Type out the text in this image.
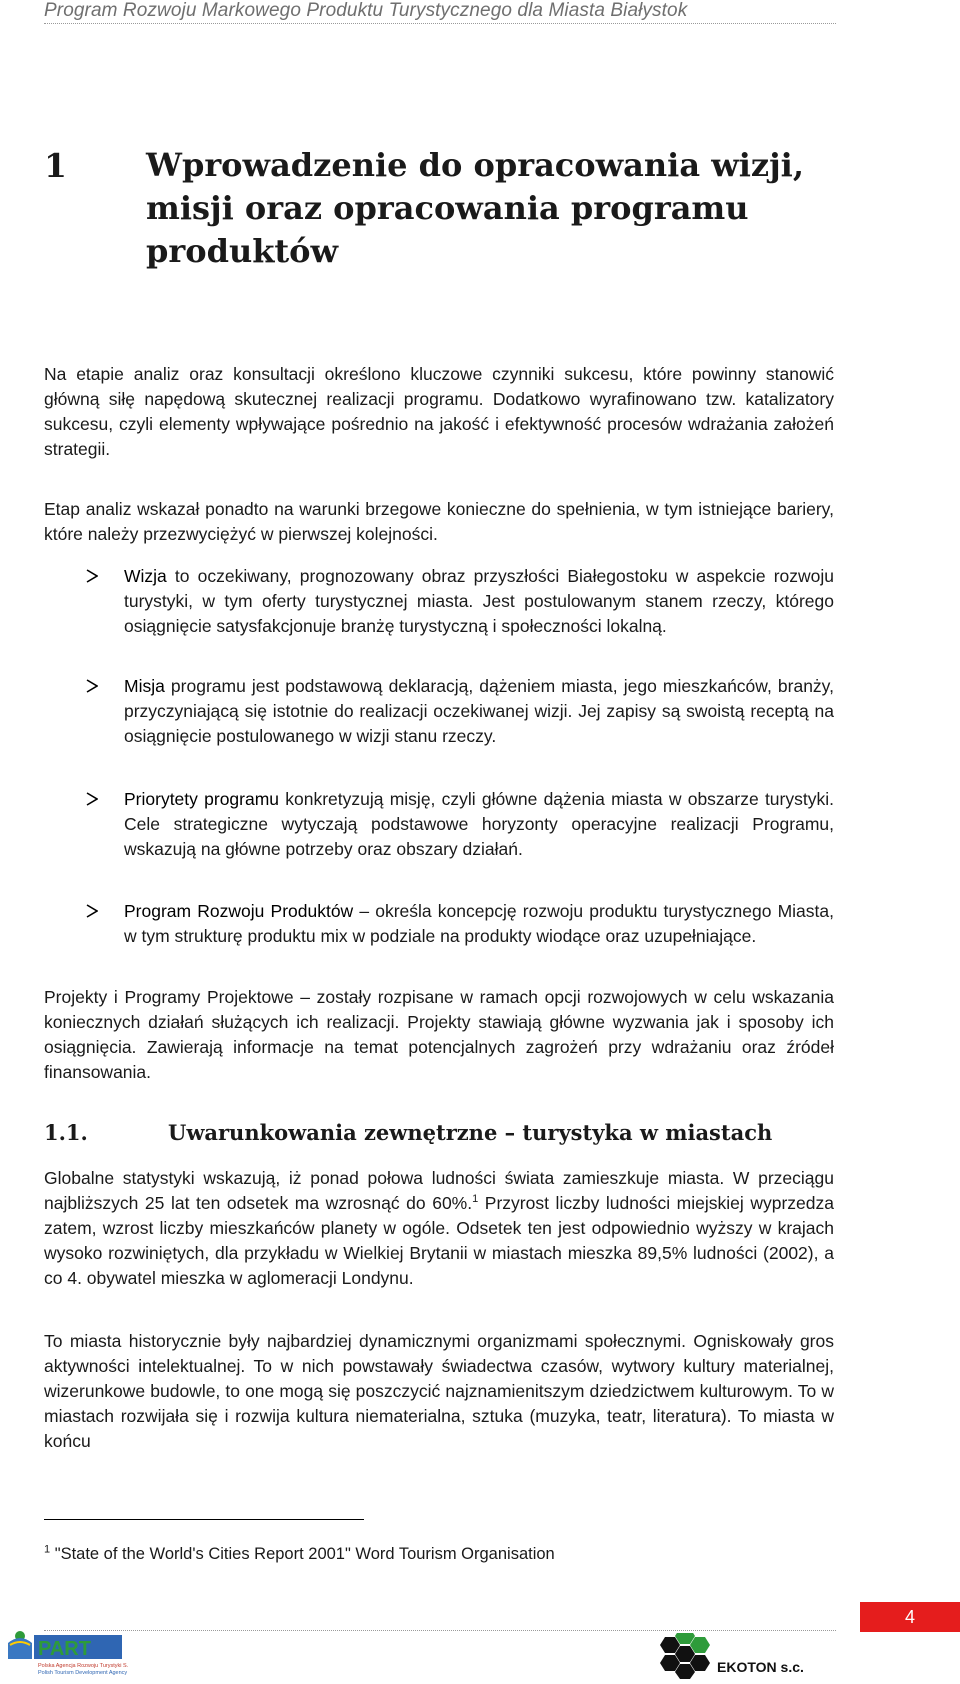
Program Rozwoju Markowego Produktu Turystycznego dla Miasta Białystok
1 Wprowadzenie do opracowania wizji,
misji oraz opracowania programu
produktów

Na etapie analiz oraz konsultacji określono kluczowe czynniki sukcesu, które powinny stanowić główną siłę napędową skutecznej realizacji programu. Dodatkowo wyrafinowano tzw. katalizatory sukcesu, czyli elementy wpływające pośrednio na jakość i efektywność procesów wdrażania założeń strategii.

Etap analiz wskazał ponadto na warunki brzegowe konieczne do spełnienia, w tym istniejące bariery, które należy przezwyciężyć w pierwszej kolejności.

Wizja to oczekiwany, prognozowany obraz przyszłości Białegostoku w aspekcie rozwoju turystyki, w tym oferty turystycznej miasta. Jest postulowanym stanem rzeczy, którego osiągnięcie satysfakcjonuje branżę turystyczną i społeczności lokalną.
Misja programu jest podstawową deklaracją, dążeniem miasta, jego mieszkańców, branży, przyczyniającą się istotnie do realizacji oczekiwanej wizji. Jej zapisy są swoistą receptą na osiągnięcie postulowanego w wizji stanu rzeczy.
Priorytety programu konkretyzują misję, czyli główne dążenia miasta w obszarze turystyki. Cele strategiczne wytyczają podstawowe horyzonty operacyjne realizacji Programu, wskazują na główne potrzeby oraz obszary działań.
Program Rozwoju Produktów – określa koncepcję rozwoju produktu turystycznego Miasta, w tym strukturę produktu mix w podziale na produkty wiodące oraz uzupełniające.

Projekty i Programy Projektowe – zostały rozpisane w ramach opcji rozwojowych w celu wskazania koniecznych działań służących ich realizacji. Projekty stawiają główne wyzwania jak i sposoby ich osiągnięcia. Zawierają informacje na temat potencjalnych zagrożeń przy wdrażaniu oraz źródeł finansowania.

1.1.	Uwarunkowania zewnętrzne – turystyka w miastach

Globalne statystyki wskazują, iż ponad połowa ludności świata zamieszkuje miasta. W przeciągu najbliższych 25 lat ten odsetek ma wzrosnąć do 60%.$^1$ Przyrost liczby ludności miejskiej wyprzedza zatem, wzrost liczby mieszkańców planety w ogóle. Odsetek ten jest odpowiednio wyższy w krajach wysoko rozwiniętych, dla przykładu w Wielkiej Brytanii w miastach mieszka 89,5% ludności (2002), a co 4. obywatel mieszka w aglomeracji Londynu.

To miasta historycznie były najbardziej dynamicznymi organizmami społecznymi. Ogniskowały gros aktywności intelektualnej. To w nich powstawały świadectwa czasów, wytwory kultury materialnej, wizerunkowe budowle, to one mogą się poszczycić najznamienitszym dziedzictwem kulturowym. To w miastach rozwijała się i rozwija kultura niematerialna, sztuka (muzyka, teatr, literatura). To miasta w końcu

$^1$ "State of the World's Cities Report 2001" Word Tourism Organisation
4
PART
Polska Agencja Rozwoju Turystyki S.A.
Polish Tourism Development Agency	EKOTON s.c.
